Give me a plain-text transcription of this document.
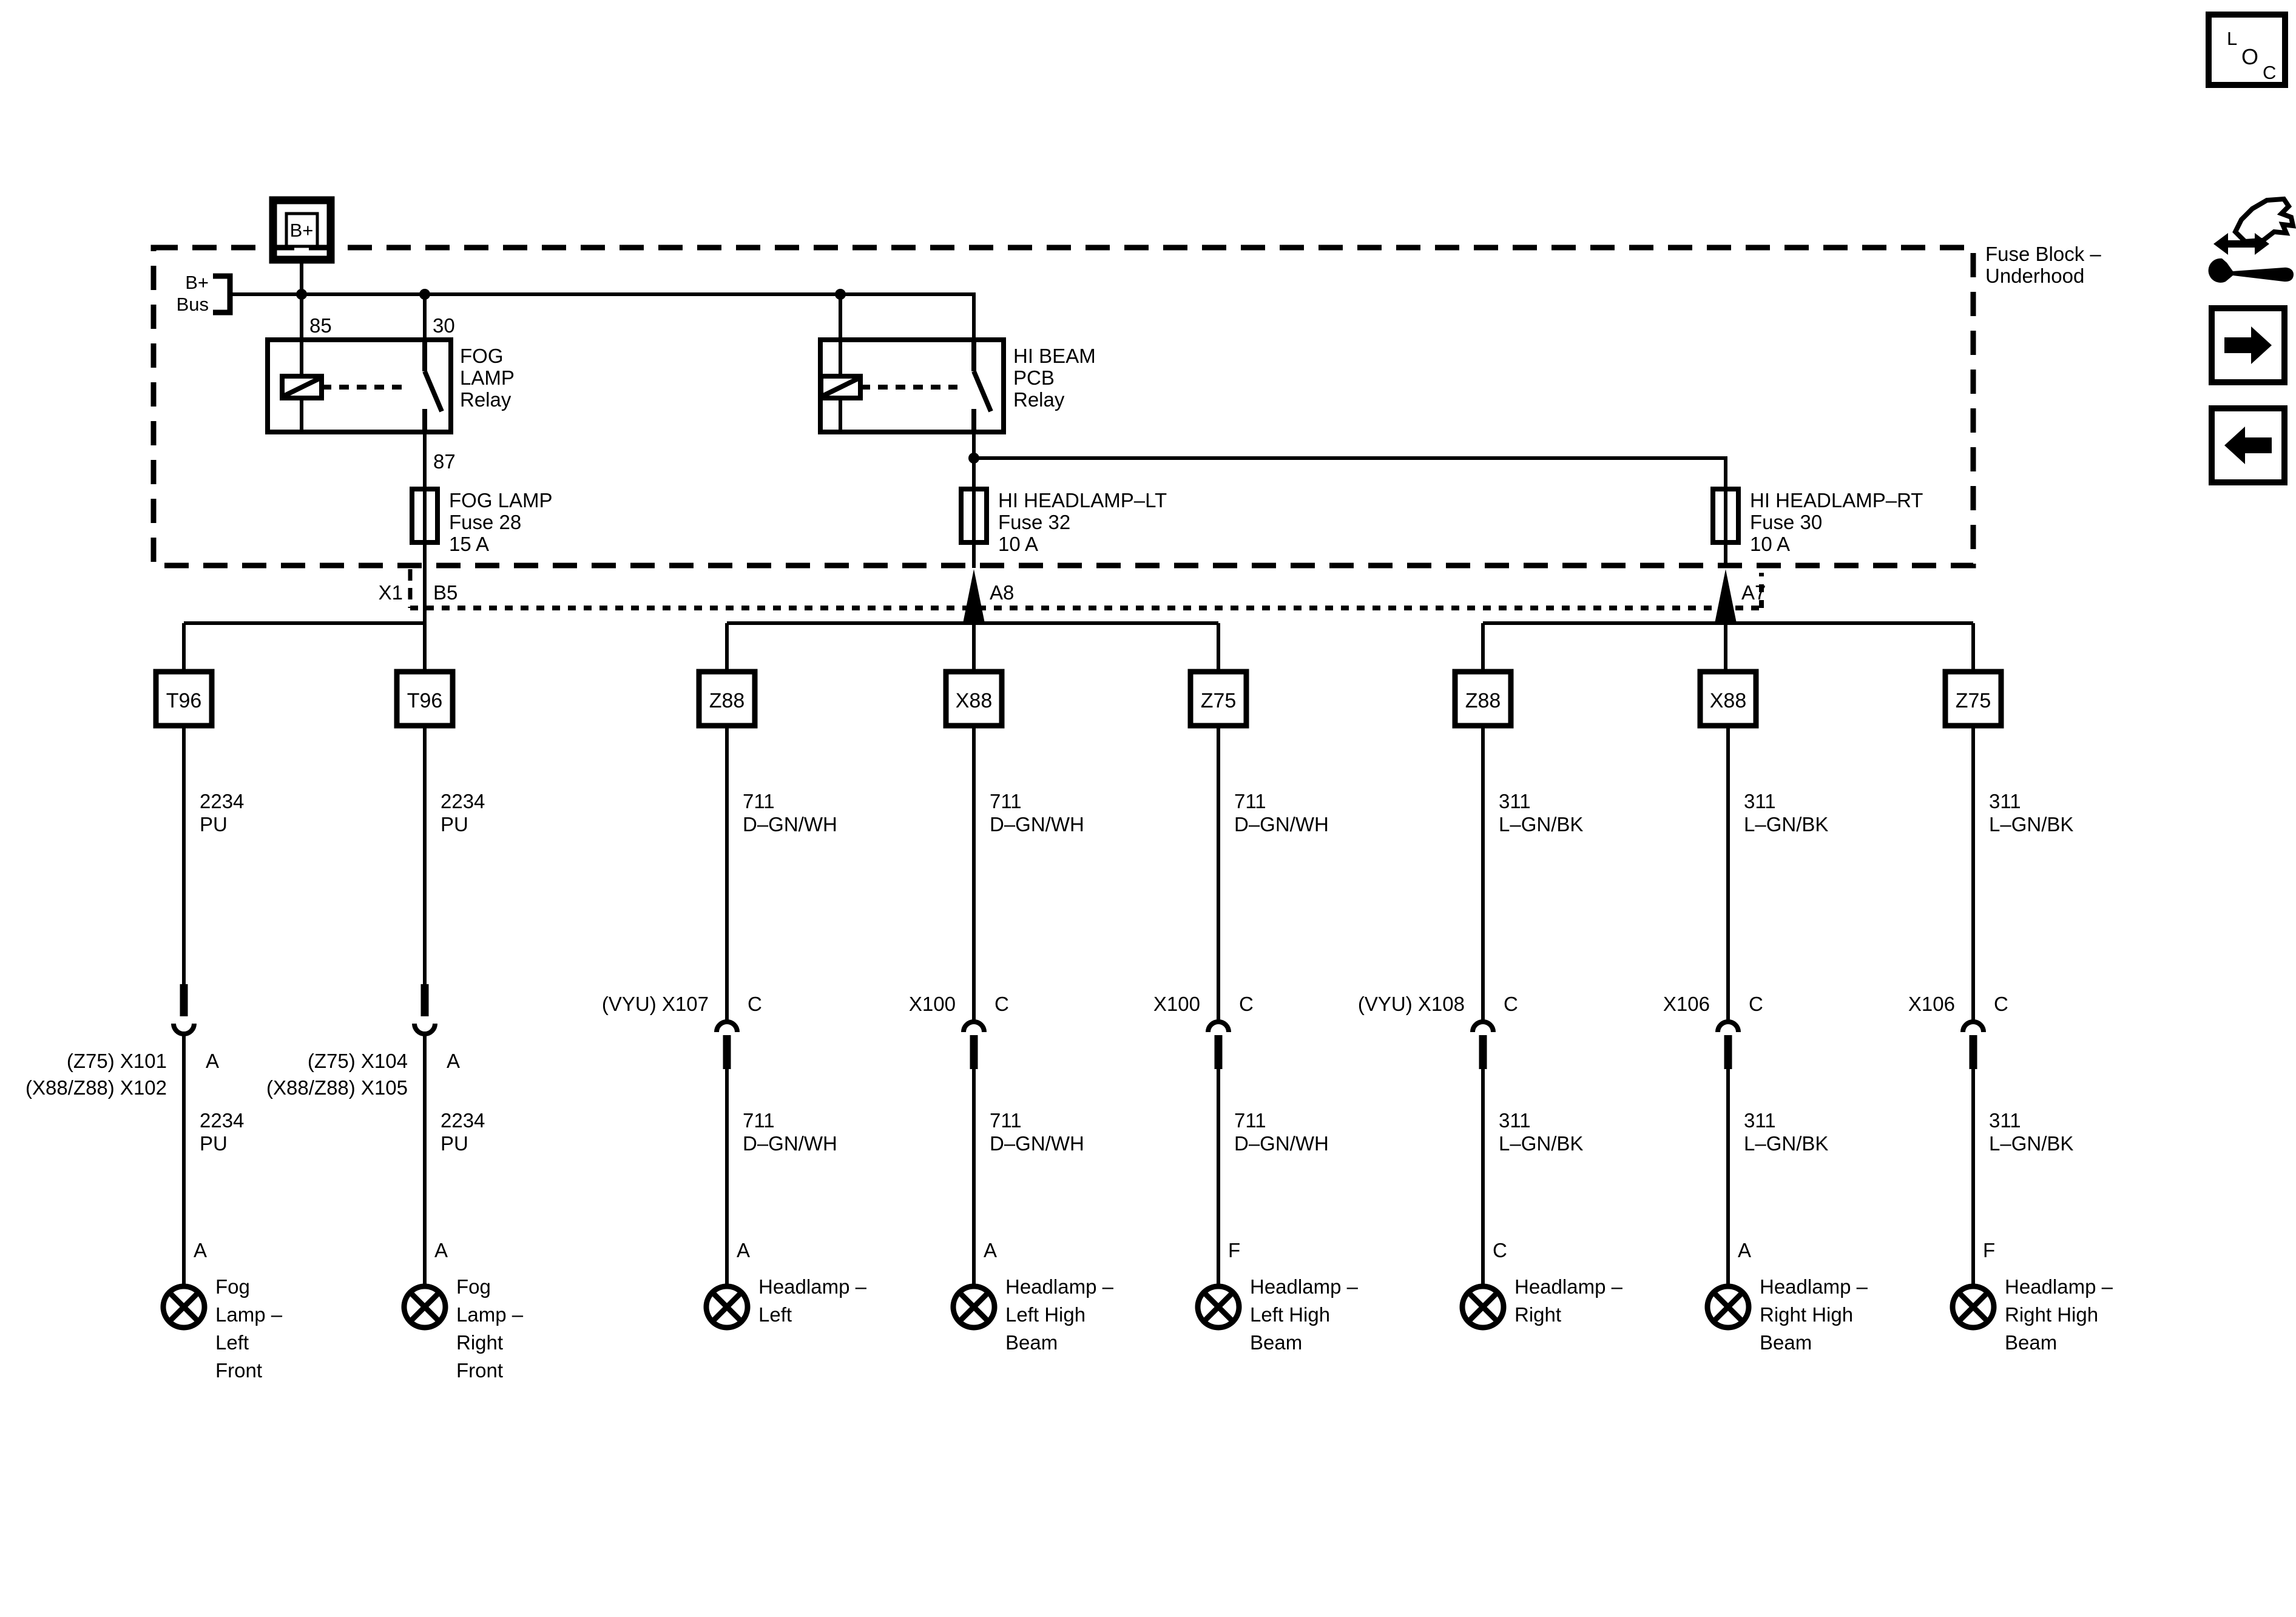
Fuse Block –
Underhood
B+
B+
Bus
85	30
FOG
LAMP
Relay
87
HI BEAM
PCB
Relay
FOG LAMP
Fuse 28
15 A
HI HEADLAMP–LT
Fuse 32
10 A
HI HEADLAMP–RT
Fuse 30
10 A
X1 B5	A8	A7
T96
2234
PU
(Z75) X101
(X88/Z88) X102
A
2234
PU
A
Fog
Lamp –
Left
Front
T96
2234
PU
(Z75) X104
(X88/Z88) X105
A
2234
PU
A
Fog
Lamp –
Right
Front
Z88
711
D–GN/WH
(VYU) X107 C
711
D–GN/WH
A
Headlamp –
Left
X88
711
D–GN/WH
X100 C
711
D–GN/WH
A
Headlamp –
Left High
Beam
Z75
711
D–GN/WH
X100 C
711
D–GN/WH
F
Headlamp –
Left High
Beam
Z88
311
L–GN/BK
(VYU) X108 C
311
L–GN/BK
C
Headlamp –
Right
X88
311
L–GN/BK
X106 C
311
L–GN/BK
A
Headlamp –
Right High
Beam
Z75
311
L–GN/BK
X106 C
311
L–GN/BK
F
Headlamp –
Right High
Beam
L
O
C
